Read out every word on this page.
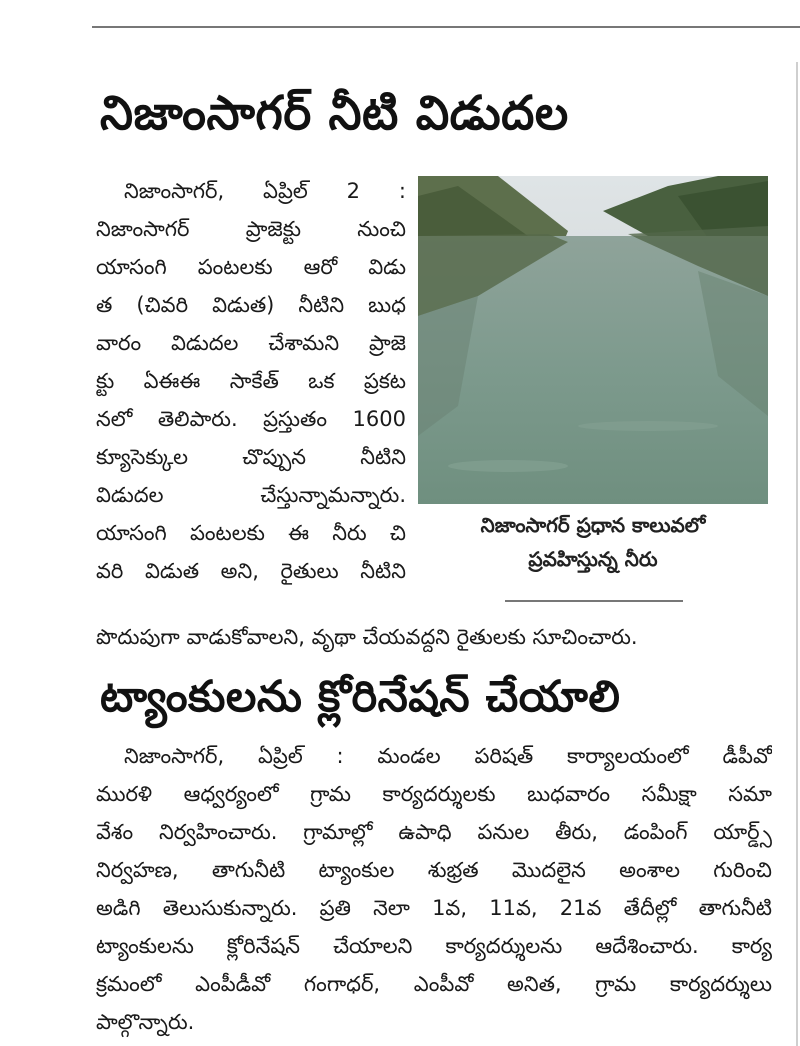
నిజాంసాగర్ నీటి విడుదల
నిజాంసాగర్, ఏప్రిల్ 2 :
నిజాంసాగర్ ప్రాజెక్టు నుంచి
యాసంగి పంటలకు ఆరో విడు
త (చివరి విడుత) నీటిని బుధ
వారం విడుదల చేశామని ప్రాజె
క్టు ఏఈఈ సాకేత్ ఒక ప్రకట
నలో తెలిపారు. ప్రస్తుతం 1600
క్యూసెక్కుల చొప్పున నీటిని
విడుదల చేస్తున్నామన్నారు.
యాసంగి పంటలకు ఈ నీరు చి
వరి విడుత అని, రైతులు నీటిని
నిజాంసాగర్ ప్రధాన కాలువలో
ప్రవహిస్తున్న నీరు
పొదుపుగా వాడుకోవాలని, వృథా చేయవద్దని రైతులకు సూచించారు.
ట్యాంకులను క్లోరినేషన్ చేయాలి
నిజాంసాగర్, ఏప్రిల్ : మండల పరిషత్ కార్యాలయంలో డీపీవో
మురళి ఆధ్వర్యంలో గ్రామ కార్యదర్శులకు బుధవారం సమీక్షా సమా
వేశం నిర్వహించారు. గ్రామాల్లో ఉపాధి పనుల తీరు, డంపింగ్ యార్డ్స్
నిర్వహణ, తాగునీటి ట్యాంకుల శుభ్రత మొదలైన అంశాల గురించి
అడిగి తెలుసుకున్నారు. ప్రతి నెలా 1వ, 11వ, 21వ తేదీల్లో తాగునీటి
ట్యాంకులను క్లోరినేషన్ చేయాలని కార్యదర్శులను ఆదేశించారు. కార్య
క్రమంలో ఎంపీడీవో గంగాధర్, ఎంపీవో అనిత, గ్రామ కార్యదర్శులు
పాల్గొన్నారు.
